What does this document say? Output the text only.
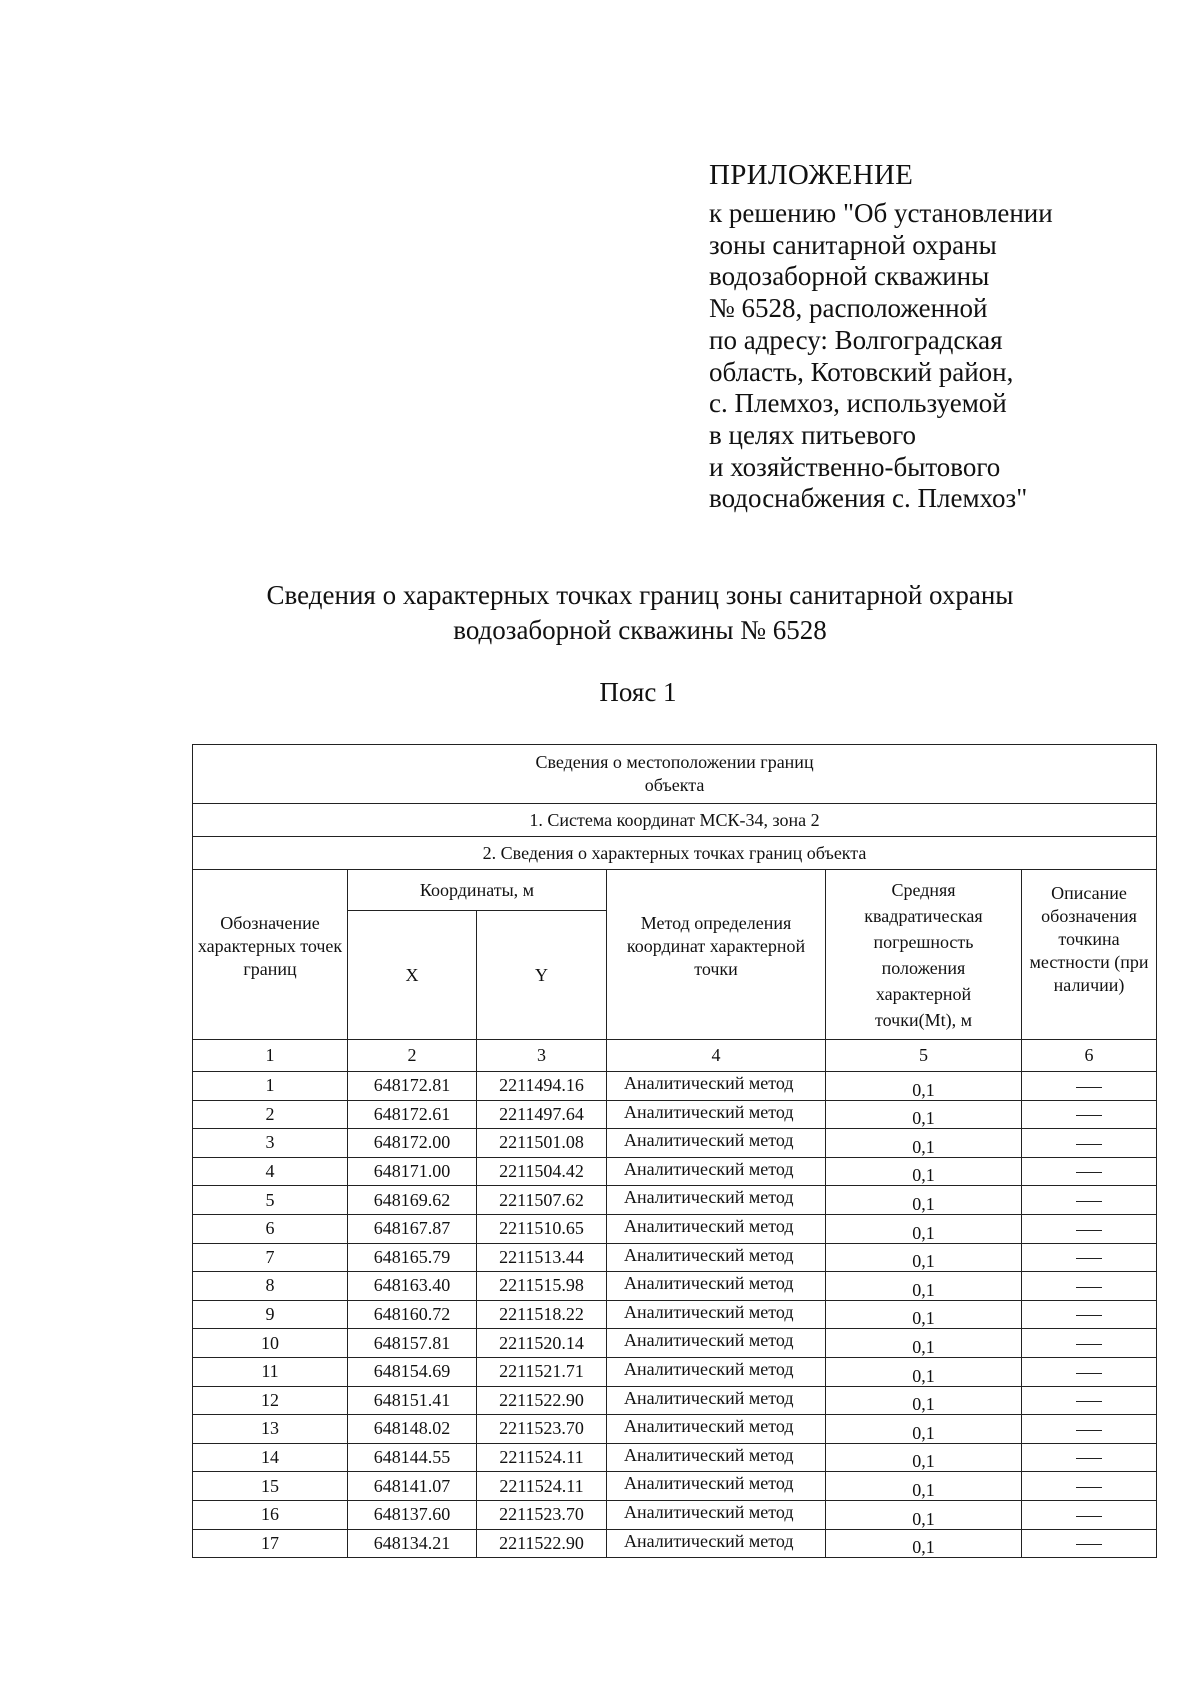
ПРИЛОЖЕНИЕ
к решению "Об установлении
зоны санитарной охраны
водозаборной скважины
№ 6528, расположенной
по адресу: Волгоградская
область, Котовский район,
с. Племхоз, используемой
в целях питьевого
и хозяйственно-бытового
водоснабжения с. Племхоз"
Сведения о характерных точках границ зоны санитарной охраны
водозаборной скважины № 6528
Пояс 1
Сведения о местоположении границ
объекта					

1. Система координат МСК-34, зона 2					
2. Сведения о характерных точках границ объекта					
Обозначение характерных точек границ	Координаты, м		Метод определения координат характерной точки	Средняя квадратическая погрешность положения характерной точки(Mt), м	Описание обозначения точкина местности (при наличии)
	X	Y			
1	2	3	4	5	6
1	648172.81	2211494.16	Аналитический метод	0,1	
2	648172.61	2211497.64	Аналитический метод	0,1	
3	648172.00	2211501.08	Аналитический метод	0,1	
4	648171.00	2211504.42	Аналитический метод	0,1	
5	648169.62	2211507.62	Аналитический метод	0,1	
6	648167.87	2211510.65	Аналитический метод	0,1	
7	648165.79	2211513.44	Аналитический метод	0,1	
8	648163.40	2211515.98	Аналитический метод	0,1	
9	648160.72	2211518.22	Аналитический метод	0,1	
10	648157.81	2211520.14	Аналитический метод	0,1	
11	648154.69	2211521.71	Аналитический метод	0,1	
12	648151.41	2211522.90	Аналитический метод	0,1	
13	648148.02	2211523.70	Аналитический метод	0,1	
14	648144.55	2211524.11	Аналитический метод	0,1	
15	648141.07	2211524.11	Аналитический метод	0,1	
16	648137.60	2211523.70	Аналитический метод	0,1	
17	648134.21	2211522.90	Аналитический метод	0,1	
